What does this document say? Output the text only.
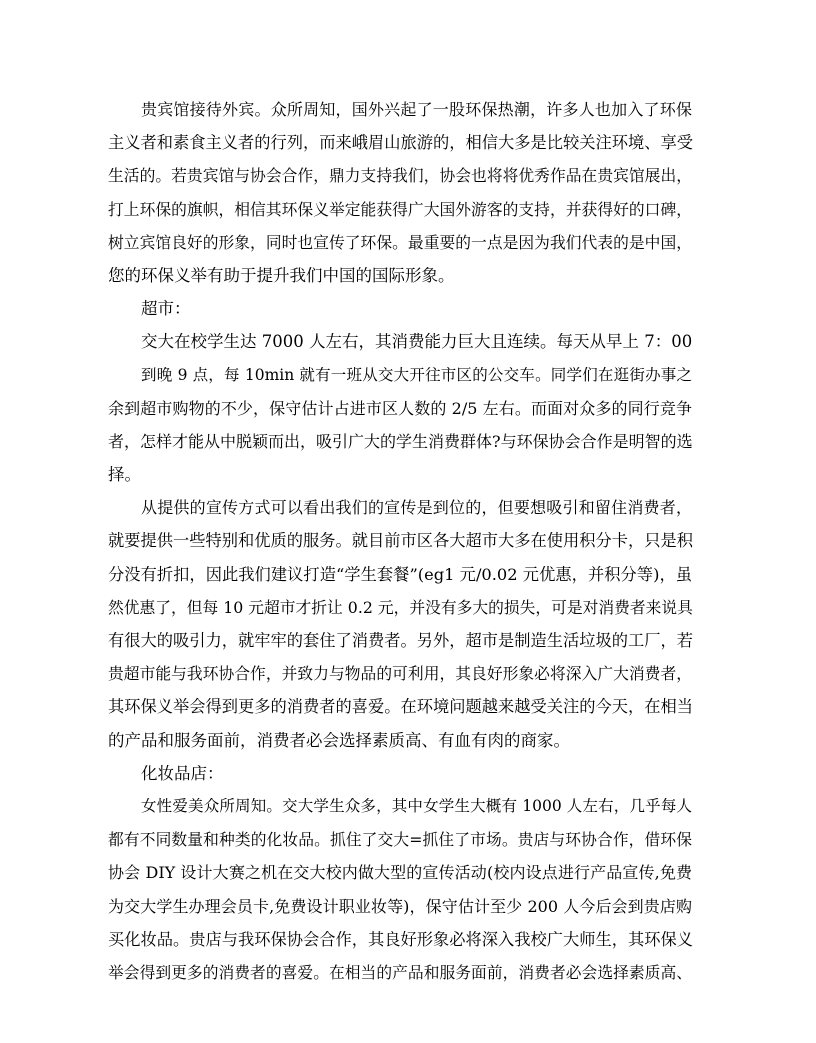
贵宾馆接待外宾。众所周知，国外兴起了一股环保热潮，许多人也加入了环保
主义者和素食主义者的行列，而来峨眉山旅游的，相信大多是比较关注环境、享受
生活的。若贵宾馆与协会合作，鼎力支持我们，协会也将将优秀作品在贵宾馆展出，
打上环保的旗帜，相信其环保义举定能获得广大国外游客的支持，并获得好的口碑，
树立宾馆良好的形象，同时也宣传了环保。最重要的一点是因为我们代表的是中国，
您的环保义举有助于提升我们中国的国际形象。
超市：
交大在校学生达 7000 人左右，其消费能力巨大且连续。每天从早上 7：00
到晚 9 点，每 10min 就有一班从交大开往市区的公交车。同学们在逛街办事之
余到超市购物的不少，保守估计占进市区人数的 2/5 左右。而面对众多的同行竞争
者，怎样才能从中脱颖而出，吸引广大的学生消费群体?与环保协会合作是明智的选
择。
从提供的宣传方式可以看出我们的宣传是到位的，但要想吸引和留住消费者，
就要提供一些特别和优质的服务。就目前市区各大超市大多在使用积分卡，只是积
分没有折扣，因此我们建议打造“学生套餐”(eg1 元/0.02 元优惠，并积分等)，虽
然优惠了，但每 10 元超市才折让 0.2 元，并没有多大的损失，可是对消费者来说具
有很大的吸引力，就牢牢的套住了消费者。另外，超市是制造生活垃圾的工厂，若
贵超市能与我环协合作，并致力与物品的可利用，其良好形象必将深入广大消费者，
其环保义举会得到更多的消费者的喜爱。在环境问题越来越受关注的今天，在相当
的产品和服务面前，消费者必会选择素质高、有血有肉的商家。
化妆品店：
女性爱美众所周知。交大学生众多，其中女学生大概有 1000 人左右，几乎每人
都有不同数量和种类的化妆品。抓住了交大=抓住了市场。贵店与环协合作，借环保
协会 DIY 设计大赛之机在交大校内做大型的宣传活动(校内设点进行产品宣传,免费
为交大学生办理会员卡,免费设计职业妆等)，保守估计至少 200 人今后会到贵店购
买化妆品。贵店与我环保协会合作，其良好形象必将深入我校广大师生，其环保义
举会得到更多的消费者的喜爱。在相当的产品和服务面前，消费者必会选择素质高、
